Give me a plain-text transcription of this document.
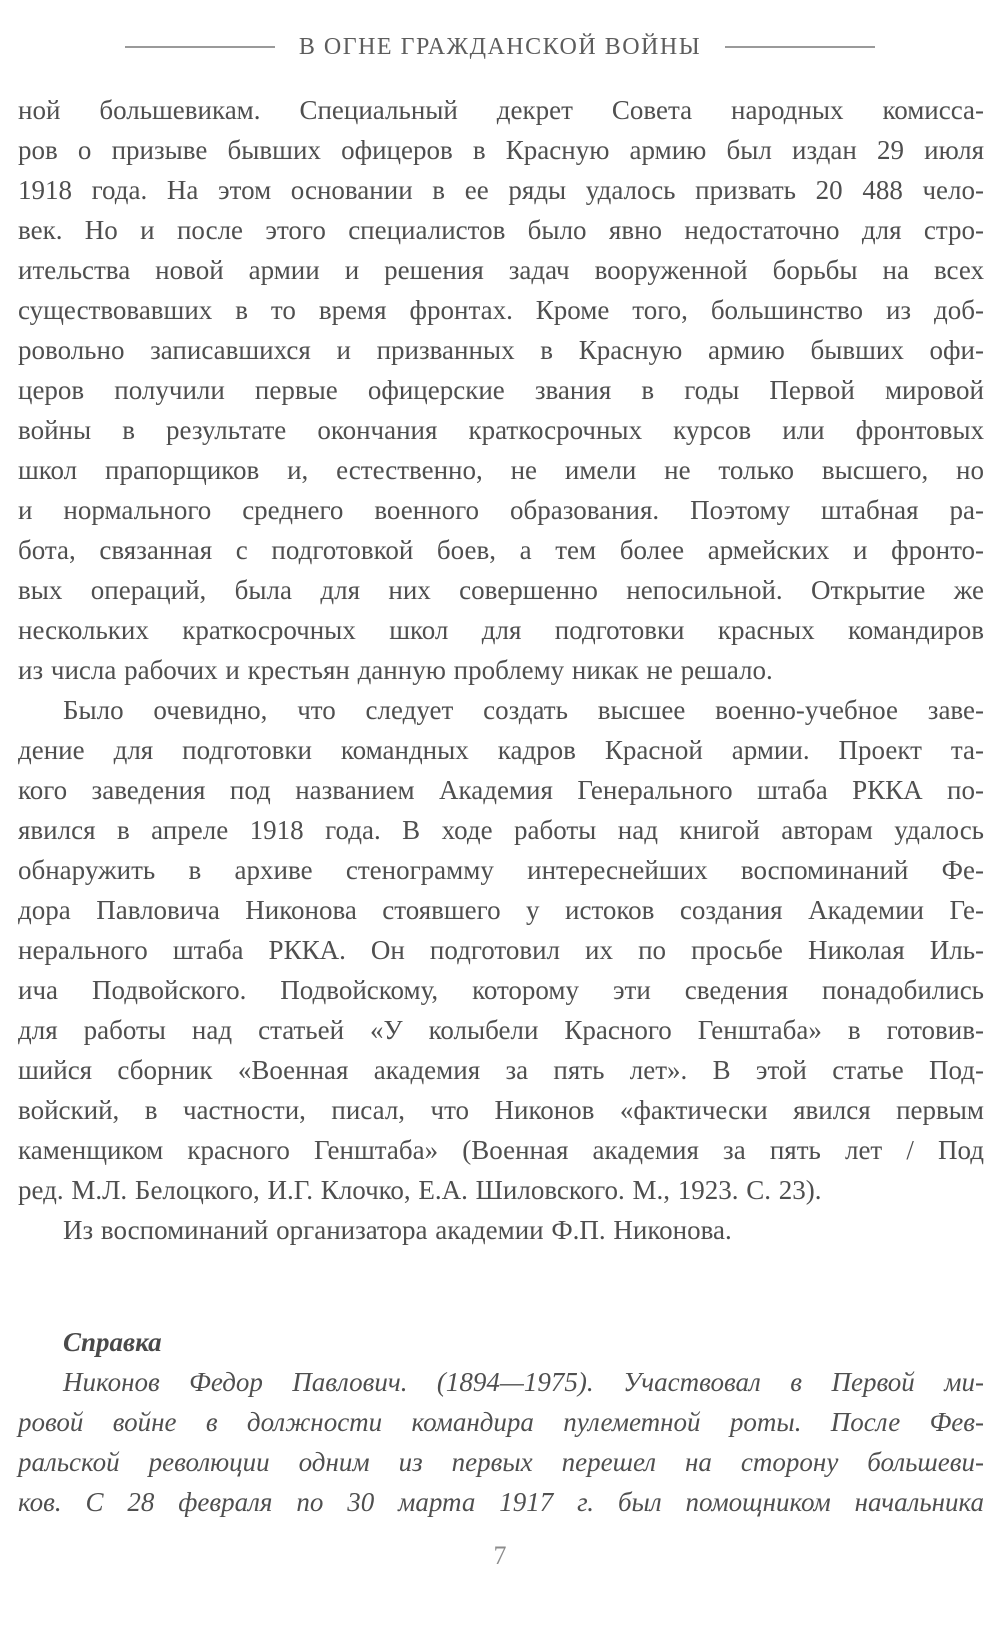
В ОГНЕ ГРАЖДАНСКОЙ ВОЙНЫ
ной большевикам. Специальный декрет Совета народных комисса-
ров о призыве бывших офицеров в Красную армию был издан 29 июля
1918 года. На этом основании в ее ряды удалось призвать 20 488 чело-
век. Но и после этого специалистов было явно недостаточно для стро-
ительства новой армии и решения задач вооруженной борьбы на всех
существовавших в то время фронтах. Кроме того, большинство из доб-
ровольно записавшихся и призванных в Красную армию бывших офи-
церов получили первые офицерские звания в годы Первой мировой
войны в результате окончания краткосрочных курсов или фронтовых
школ прапорщиков и, естественно, не имели не только высшего, но
и нормального среднего военного образования. Поэтому штабная ра-
бота, связанная с подготовкой боев, а тем более армейских и фронто-
вых операций, была для них совершенно непосильной. Открытие же
нескольких краткосрочных школ для подготовки красных командиров
из числа рабочих и крестьян данную проблему никак не решало.
Было очевидно, что следует создать высшее военно-учебное заве-
дение для подготовки командных кадров Красной армии. Проект та-
кого заведения под названием Академия Генерального штаба РККА по-
явился в апреле 1918 года. В ходе работы над книгой авторам удалось
обнаружить в архиве стенограмму интереснейших воспоминаний Фе-
дора Павловича Никонова стоявшего у истоков создания Академии Ге-
нерального штаба РККА. Он подготовил их по просьбе Николая Иль-
ича Подвойского. Подвойскому, которому эти сведения понадобились
для работы над статьей «У колыбели Красного Генштаба» в готовив-
шийся сборник «Военная академия за пять лет». В этой статье Под-
войский, в частности, писал, что Никонов «фактически явился первым
каменщиком красного Генштаба» (Военная академия за пять лет / Под
ред. М.Л. Белоцкого, И.Г. Клочко, Е.А. Шиловского. М., 1923. С. 23).
Из воспоминаний организатора академии Ф.П. Никонова.
Справка
Никонов Федор Павлович. (1894—1975). Участвовал в Первой ми-
ровой войне в должности командира пулеметной роты. После Фев-
ральской революции одним из первых перешел на сторону большеви-
ков. С 28 февраля по 30 марта 1917 г. был помощником начальника
7
